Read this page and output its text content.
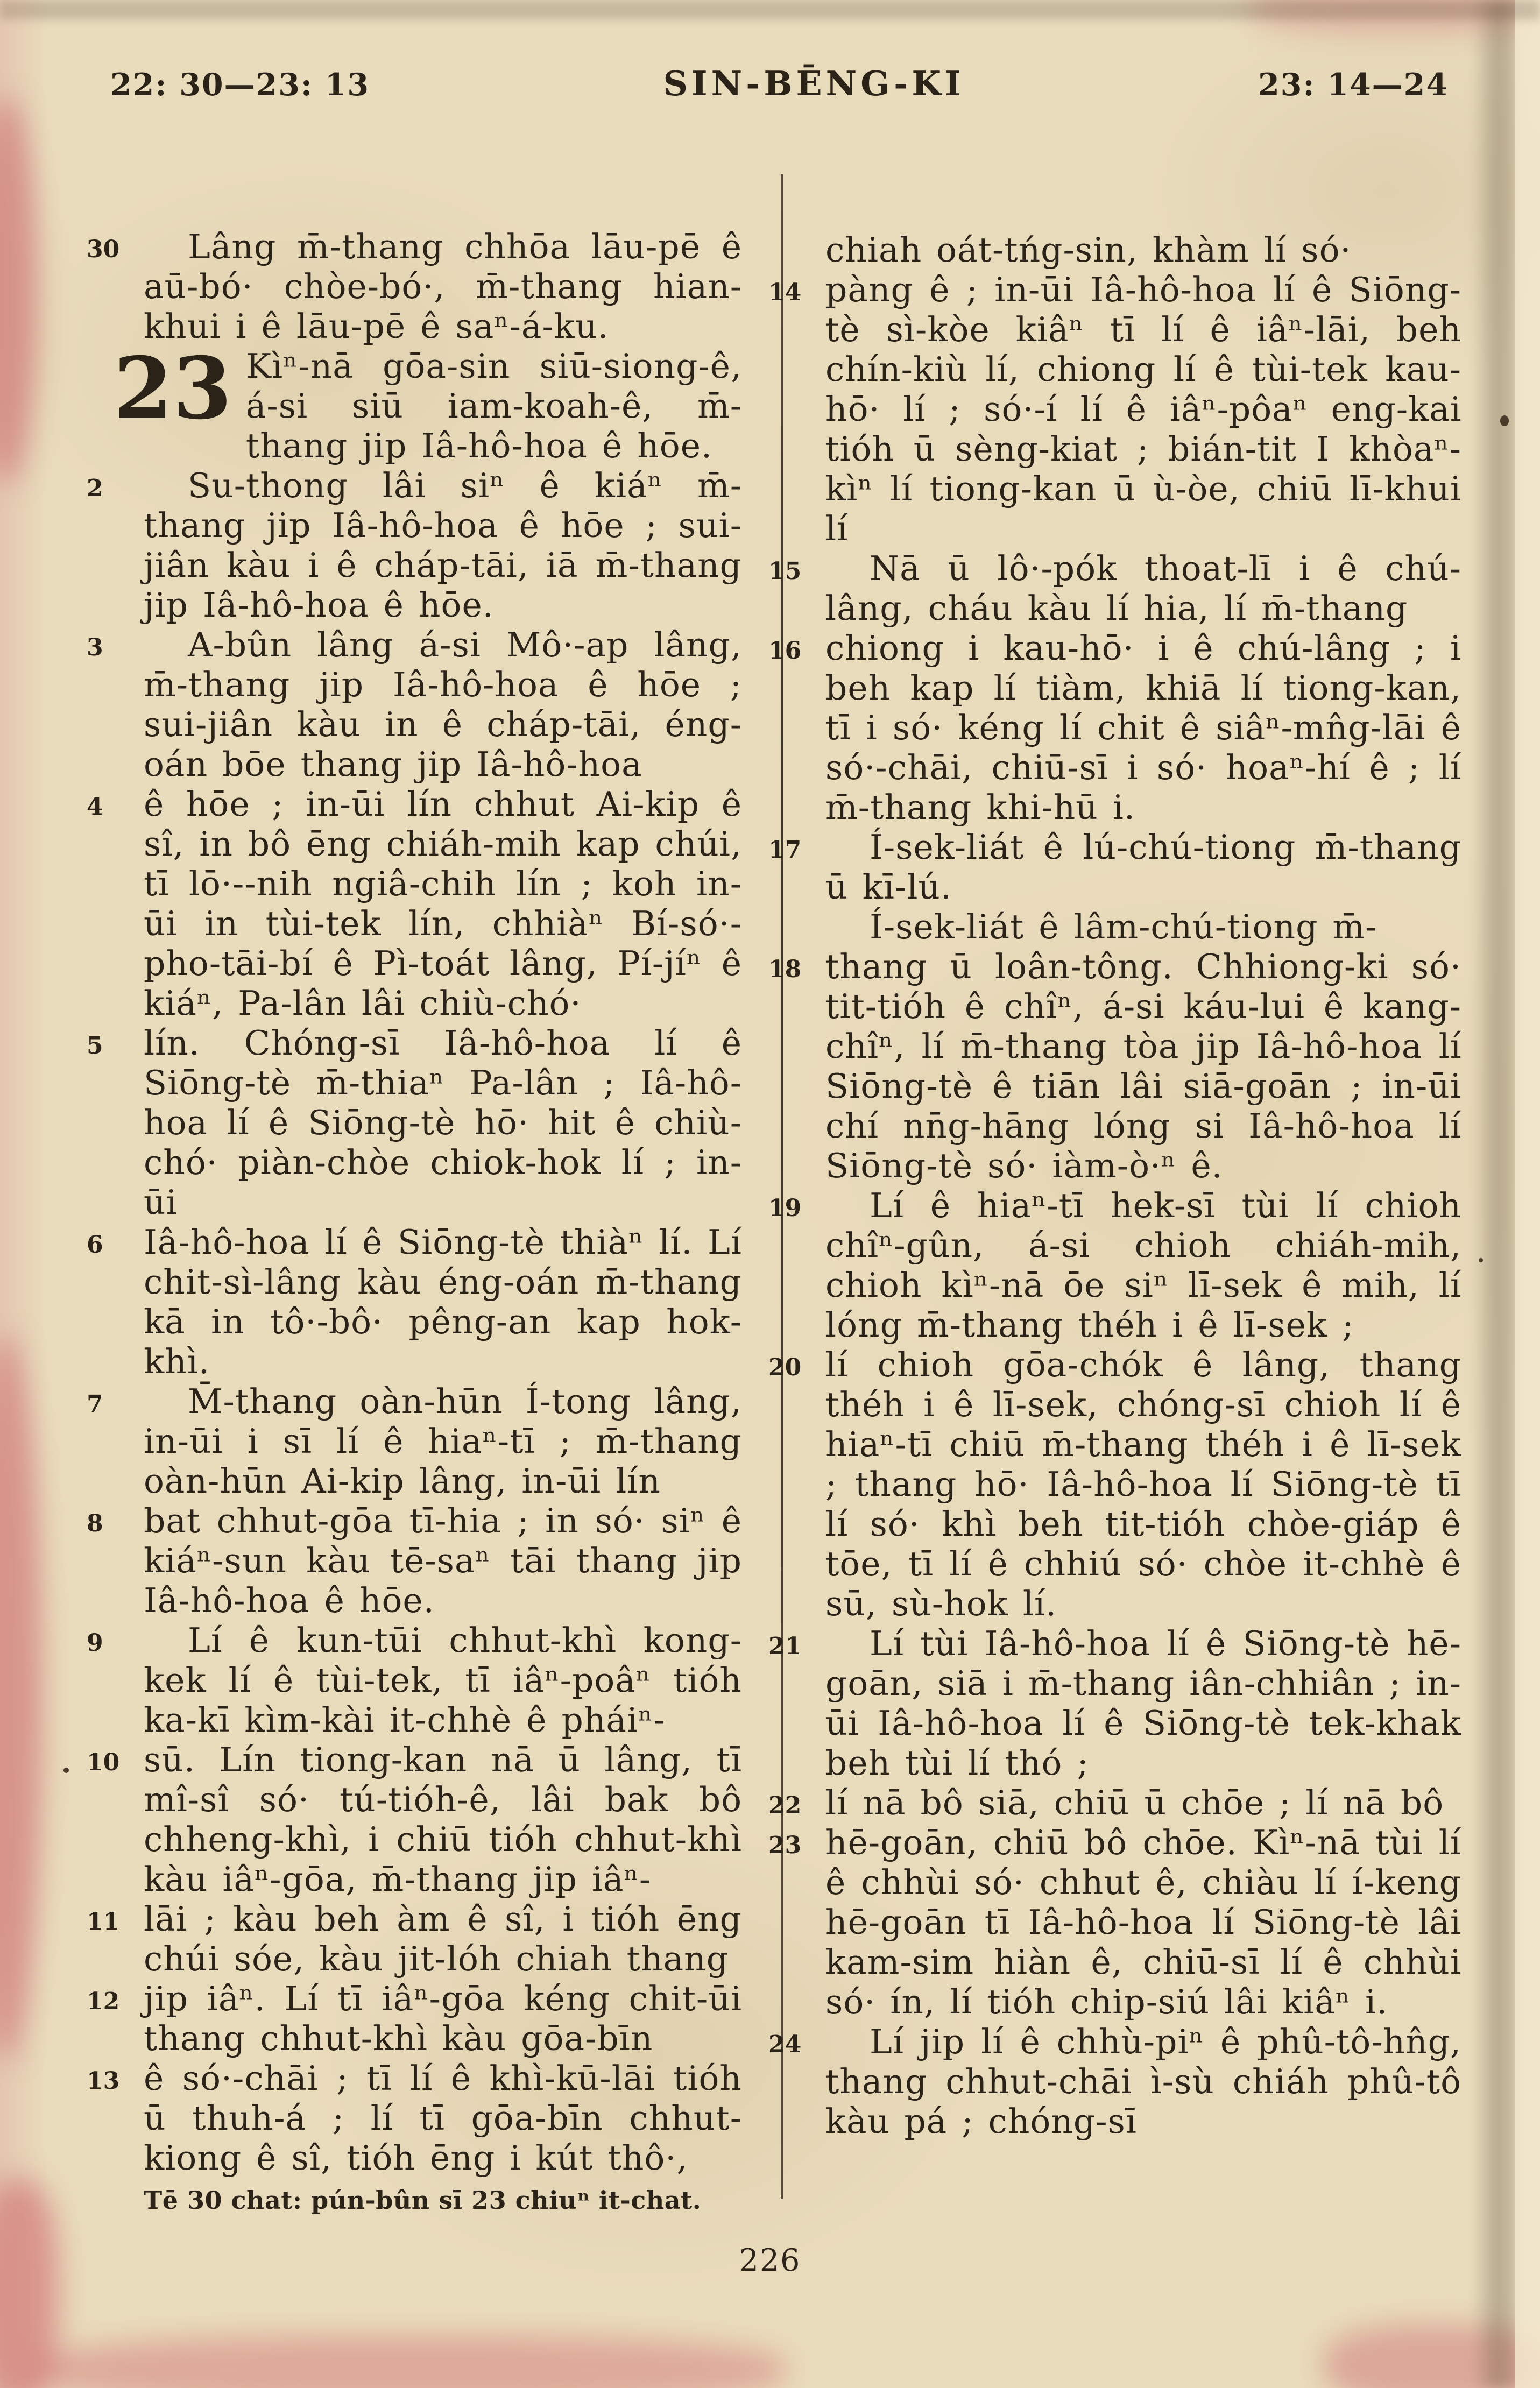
22: 30—23: 13	SIN-BĒNG-KI	23: 14—24

30 Lâng m̄-thang chhōa lāu-pē ê aū-bó· chòe-bó·, m̄-thang hian-khui i ê lāu-pē ê saⁿ-á-ku.

23 Kìⁿ-nā gōa-sin siū-siong-ê, á-si siū iam-koah-ê, m̄-thang jip Iâ-hô-hoa ê hōe.

2 Su-thong lâi siⁿ ê kiáⁿ m̄-thang jip Iâ-hô-hoa ê hōe ; sui-jiân kàu i ê cháp-tāi, iā m̄-thang jip Iâ-hô-hoa ê hōe.

3 A-bûn lâng á-si Mô·-ap lâng, m̄-thang jip Iâ-hô-hoa ê hōe ; sui-jiân kàu in ê cháp-tāi, éng-oán bōe thang jip Iâ-hô-hoa

4 ê hōe ; in-ūi lín chhut Ai-kip ê sî, in bô ēng chiáh-mih kap chúi, tī lō·--nih ngiâ-chih lín ; koh in-ūi in tùi-tek lín, chhiàⁿ Bí-só·-pho-tāi-bí ê Pì-toát lâng, Pí-jíⁿ ê kiáⁿ, Pa-lân lâi chiù-chó·

5 lín. Chóng-sī Iâ-hô-hoa lí ê Siōng-tè m̄-thiaⁿ Pa-lân ; Iâ-hô-hoa lí ê Siōng-tè hō· hit ê chiù-chó· piàn-chòe chiok-hok lí ; in-ūi

6 Iâ-hô-hoa lí ê Siōng-tè thiàⁿ lí. Lí chit-sì-lâng kàu éng-oán m̄-thang kā in tô·-bô· pêng-an kap hok-khì.

7 M̄-thang oàn-hūn Í-tong lâng, in-ūi i sī lí ê hiaⁿ-tī ; m̄-thang oàn-hūn Ai-kip lâng, in-ūi lín

8 bat chhut-gōa tī-hia ; in só· siⁿ ê kiáⁿ-sun kàu tē-saⁿ tāi thang jip Iâ-hô-hoa ê hōe.

9 Lí ê kun-tūi chhut-khì kong-kek lí ê tùi-tek, tī iâⁿ-poâⁿ tióh ka-kī kìm-kài it-chhè ê pháiⁿ-

10 sū. Lín tiong-kan nā ū lâng, tī mî-sî só· tú-tióh-ê, lâi bak bô chheng-khì, i chiū tióh chhut-khì kàu iâⁿ-gōa, m̄-thang jip iâⁿ-

11 lāi ; kàu beh àm ê sî, i tióh ēng chúi sóe, kàu jit-lóh chiah thang

12 jip iâⁿ. Lí tī iâⁿ-gōa kéng chit-ūi thang chhut-khì kàu gōa-bīn

13 ê só·-chāi ; tī lí ê khì-kū-lāi tióh ū thuh-á ; lí tī gōa-bīn chhut-kiong ê sî, tióh ēng i kút thô·,

chiah oát-tńg-sin, khàm lí só·

14 pàng ê ; in-ūi Iâ-hô-hoa lí ê Siōng-tè sì-kòe kiâⁿ tī lí ê iâⁿ-lāi, beh chín-kiù lí, chiong lí ê tùi-tek kau-hō· lí ; só·-í lí ê iâⁿ-pôaⁿ eng-kai tióh ū sèng-kiat ; bián-tit I khòaⁿ-kìⁿ lí tiong-kan ū ù-òe, chiū lī-khui lí

15 Nā ū lô·-pók thoat-lī i ê chú-lâng, cháu kàu lí hia, lí m̄-thang

16 chiong i kau-hō· i ê chú-lâng ; i beh kap lí tiàm, khiā lí tiong-kan, tī i só· kéng lí chit ê siâⁿ-mn̂g-lāi ê só·-chāi, chiū-sī i só· hoaⁿ-hí ê ; lí m̄-thang khi-hū i.

17 Í-sek-liát ê lú-chú-tiong m̄-thang ū kī-lú.

Í-sek-liát ê lâm-chú-tiong m̄-

18 thang ū loân-tông. Chhiong-ki só· tit-tióh ê chîⁿ, á-si káu-lui ê kang-chîⁿ, lí m̄-thang tòa jip Iâ-hô-hoa lí Siōng-tè ê tiān lâi siā-goān ; in-ūi chí nn̄g-hāng lóng si Iâ-hô-hoa lí Siōng-tè só· iàm-ò·ⁿ ê.

19 Lí ê hiaⁿ-tī hek-sī tùi lí chioh chîⁿ-gûn, á-si chioh chiáh-mih, chioh kìⁿ-nā ōe siⁿ lī-sek ê mih, lí lóng m̄-thang théh i ê lī-sek ;

20 lí chioh gōa-chók ê lâng, thang théh i ê lī-sek, chóng-sī chioh lí ê hiaⁿ-tī chiū m̄-thang théh i ê lī-sek ; thang hō· Iâ-hô-hoa lí Siōng-tè tī lí só· khì beh tit-tióh chòe-giáp ê tōe, tī lí ê chhiú só· chòe it-chhè ê sū, sù-hok lí.

21 Lí tùi Iâ-hô-hoa lí ê Siōng-tè hē-goān, siā i m̄-thang iân-chhiân ; in-ūi Iâ-hô-hoa lí ê Siōng-tè tek-khak beh tùi lí thó ;

22 lí nā bô siā, chiū ū chōe ; lí nā bô

23 hē-goān, chiū bô chōe. Kìⁿ-nā tùi lí ê chhùi só· chhut ê, chiàu lí í-keng hē-goān tī Iâ-hô-hoa lí Siōng-tè lâi kam-sim hiàn ê, chiū-sī lí ê chhùi só· ín, lí tióh chip-siú lâi kiâⁿ i.

24 Lí jip lí ê chhù-piⁿ ê phû-tô-hn̂g, thang chhut-chāi ì-sù chiáh phû-tô kàu pá ; chóng-sī

Tē 30 chat: pún-bûn sī 23 chiuⁿ it-chat.
226
